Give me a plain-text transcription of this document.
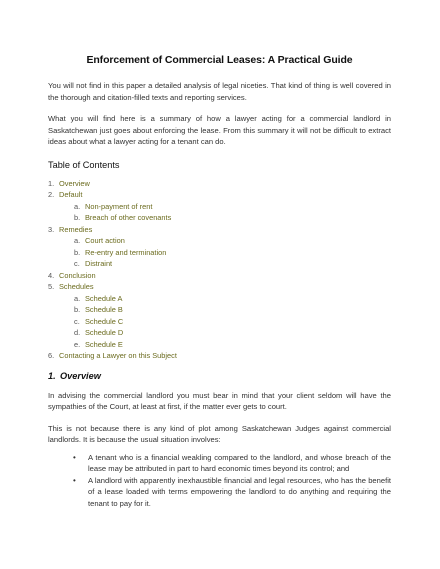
Enforcement of Commercial Leases: A Practical Guide

You will not find in this paper a detailed analysis of legal niceties. That kind of thing is well covered in the thorough and citation-filled texts and reporting services.

What you will find here is a summary of how a lawyer acting for a commercial landlord in Saskatchewan just goes about enforcing the lease. From this summary it will not be difficult to extract ideas about what a lawyer acting for a tenant can do.

Table of Contents
1. Overview
2. Default
a. Non-payment of rent
b. Breach of other covenants
3. Remedies
a. Court action
b. Re-entry and termination
c. Distraint
4. Conclusion
5. Schedules
a. Schedule A
b. Schedule B
c. Schedule C
d. Schedule D
e. Schedule E
6. Contacting a Lawyer on this Subject
1. Overview

In advising the commercial landlord you must bear in mind that your client seldom will have the sympathies of the Court, at least at first, if the matter ever gets to court.

This is not because there is any kind of plot among Saskatchewan Judges against commercial landlords. It is because the usual situation involves:

• A tenant who is a financial weakling compared to the landlord, and whose breach of the lease may be attributed in part to hard economic times beyond its control; and
• A landlord with apparently inexhaustible financial and legal resources, who has the benefit of a lease loaded with terms empowering the landlord to do anything and requiring the tenant to pay for it.
